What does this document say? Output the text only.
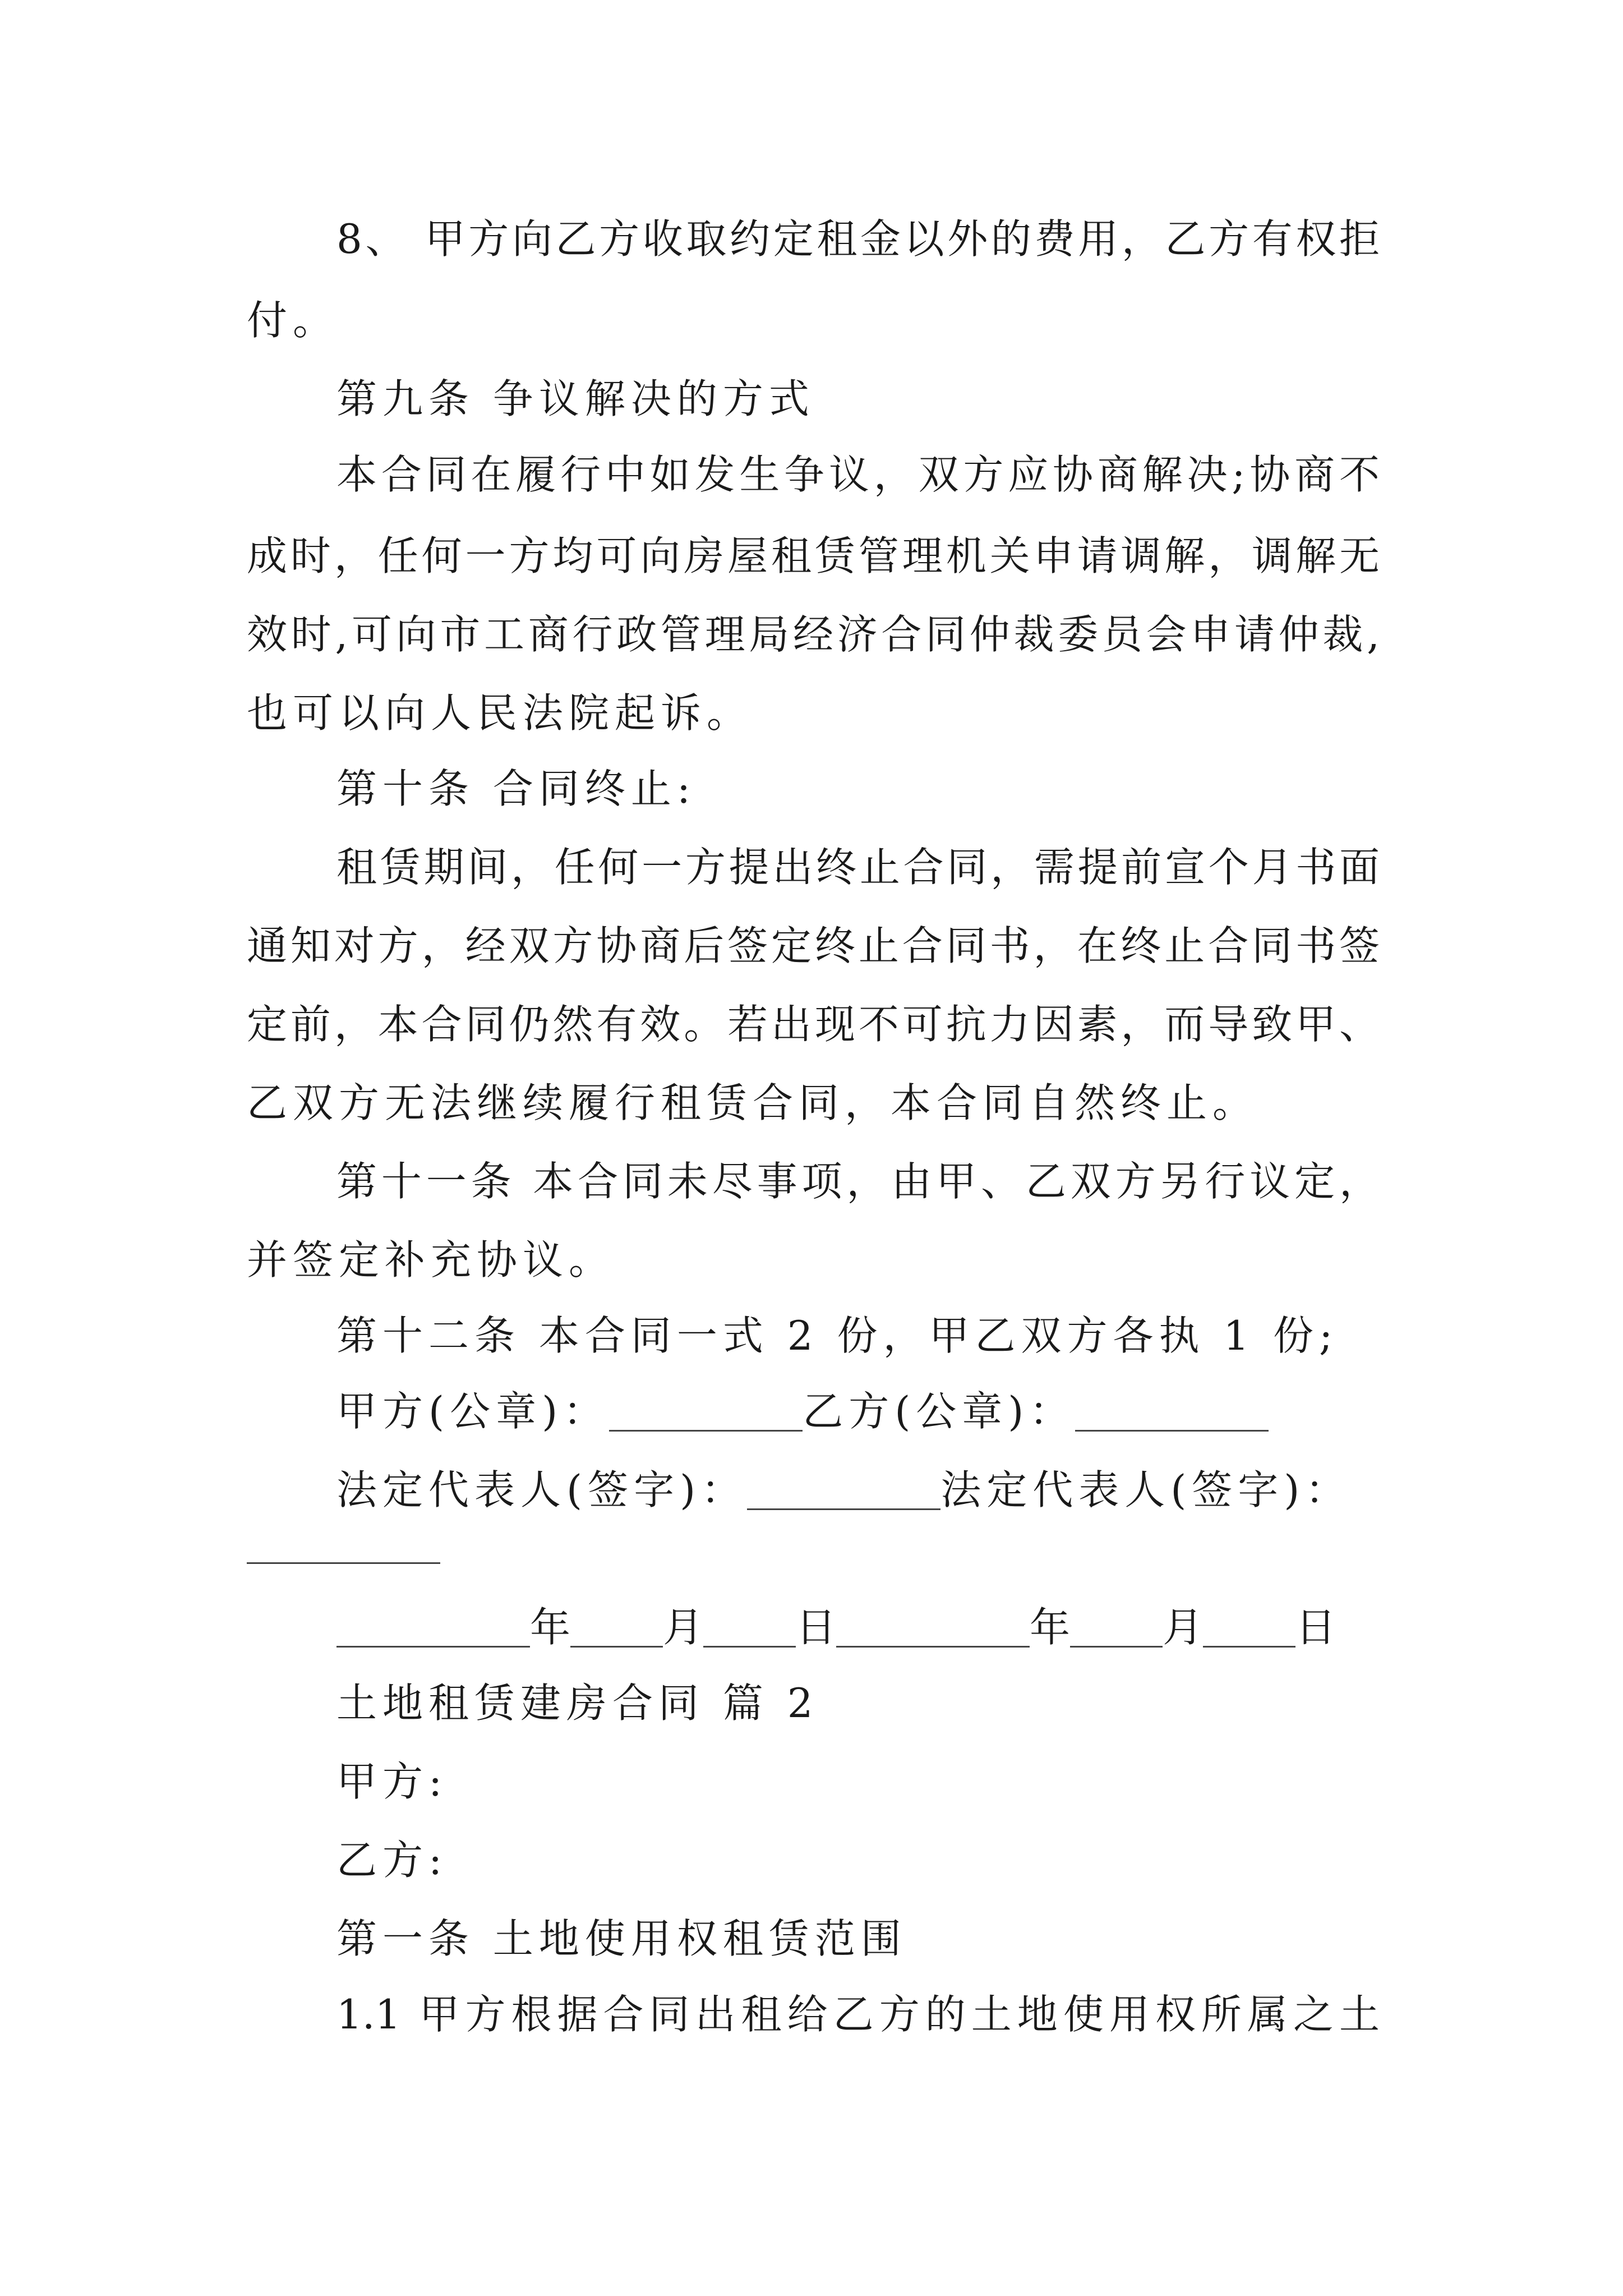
8、 甲方向乙方收取约定租金以外的费用，乙方有权拒
付。
第九条 争议解决的方式
本合同在履行中如发生争议，双方应协商解决;协商不
成时，任何一方均可向房屋租赁管理机关申请调解，调解无
效时,可向市工商行政管理局经济合同仲裁委员会申请仲裁,
也可以向人民法院起诉。
第十条 合同终止:
租赁期间，任何一方提出终止合同，需提前宣个月书面
通知对方，经双方协商后签定终止合同书，在终止合同书签
定前，本合同仍然有效。若出现不可抗力因素，而导致甲、
乙双方无法继续履行租赁合同，本合同自然终止。
第十一条 本合同未尽事项，由甲、乙双方另行议定，
并签定补充协议。
第十二条 本合同一式 2 份，甲乙双方各执 1 份;
甲方(公章)：	乙方(公章)：
法定代表人(签字)：	法定代表人(签字)：
年 月 日	年 月 日
土地租赁建房合同 篇 2
甲方:
乙方:
第一条 土地使用权租赁范围
1.1 甲方根据合同出租给乙方的土地使用权所属之土
